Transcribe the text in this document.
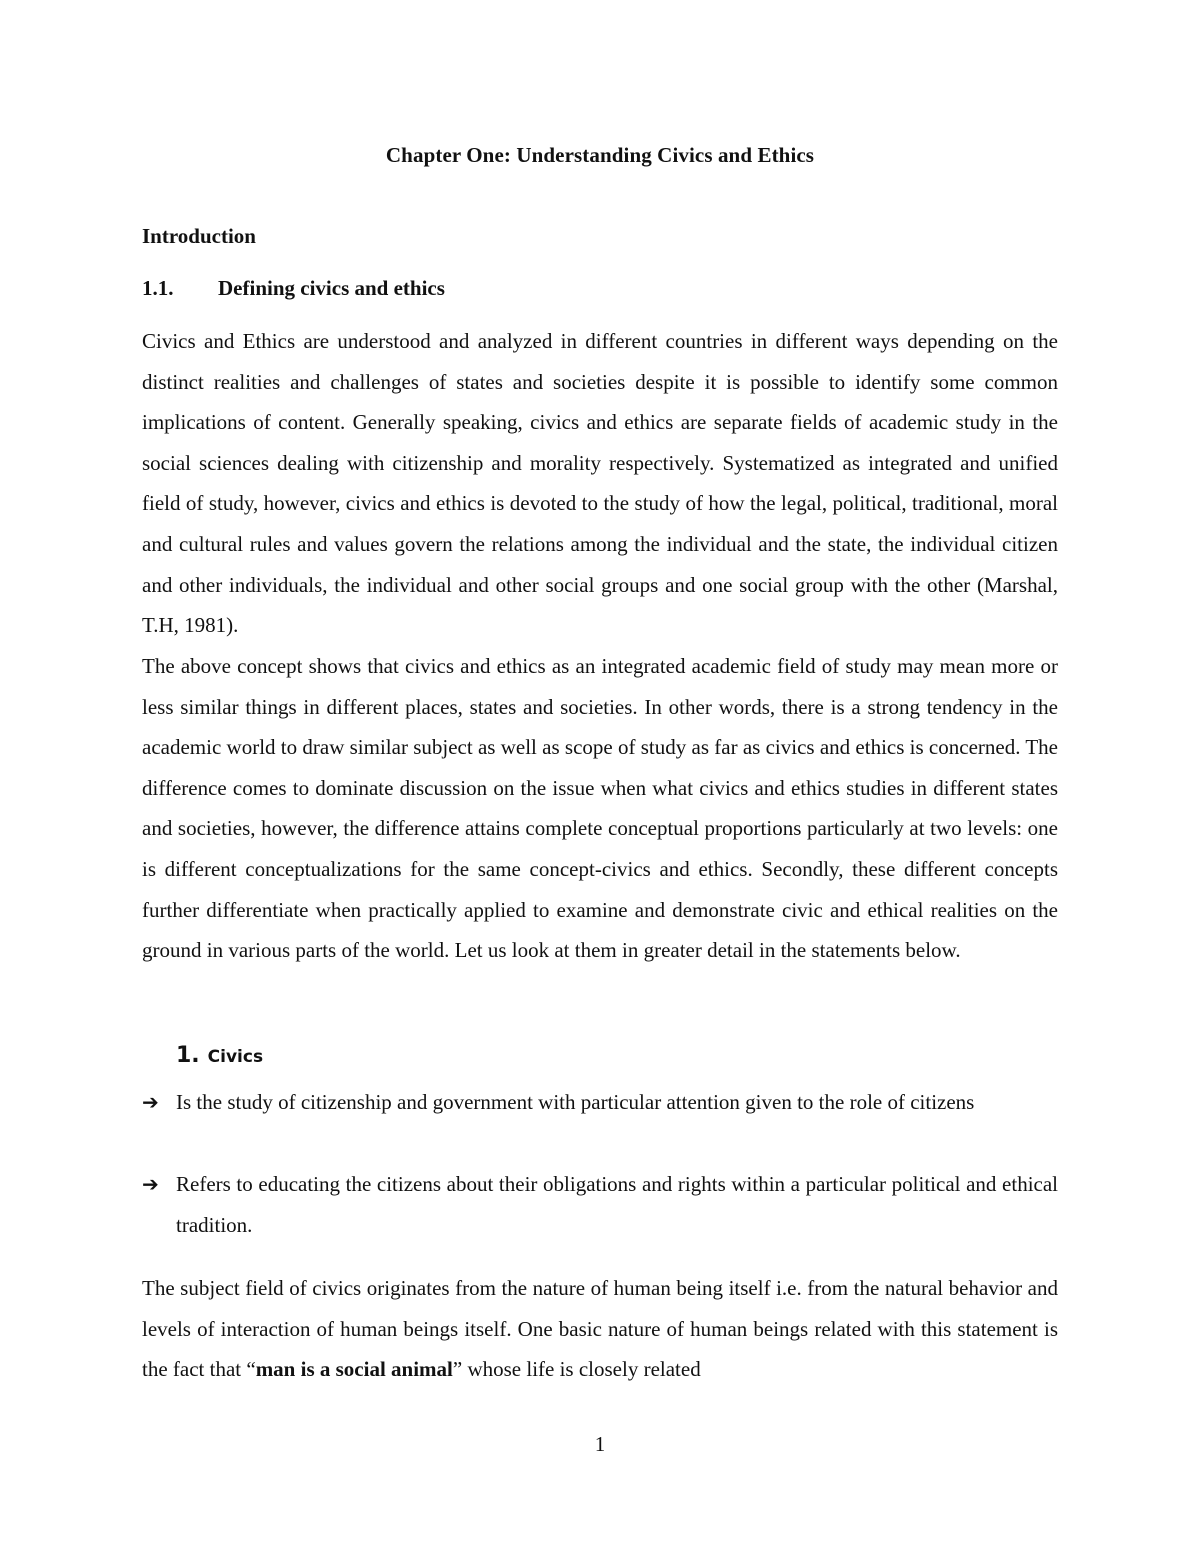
Chapter One: Understanding Civics and Ethics
Introduction
1.1. Defining civics and ethics

Civics and Ethics are understood and analyzed in different countries in different ways depending on the distinct realities and challenges of states and societies despite it is possible to identify some common implications of content. Generally speaking, civics and ethics are separate fields of academic study in the social sciences dealing with citizenship and morality respectively. Systematized as integrated and unified field of study, however, civics and ethics is devoted to the study of how the legal, political, traditional, moral and cultural rules and values govern the relations among the individual and the state, the individual citizen and other individuals, the individual and other social groups and one social group with the other (Marshal, T.H, 1981).

The above concept shows that civics and ethics as an integrated academic field of study may mean more or less similar things in different places, states and societies. In other words, there is a strong tendency in the academic world to draw similar subject as well as scope of study as far as civics and ethics is concerned. The difference comes to dominate discussion on the issue when what civics and ethics studies in different states and societies, however, the difference attains complete conceptual proportions particularly at two levels: one is different conceptualizations for the same concept-civics and ethics. Secondly, these different concepts further differentiate when practically applied to examine and demonstrate civic and ethical realities on the ground in various parts of the world. Let us look at them in greater detail in the statements below.

1. Civics
➔ Is the study of citizenship and government with particular attention given to the role of citizens
➔ Refers to educating the citizens about their obligations and rights within a particular political and ethical tradition.

The subject field of civics originates from the nature of human being itself i.e. from the natural behavior and levels of interaction of human beings itself. One basic nature of human beings related with this statement is the fact that “man is a social animal” whose life is closely related

1
